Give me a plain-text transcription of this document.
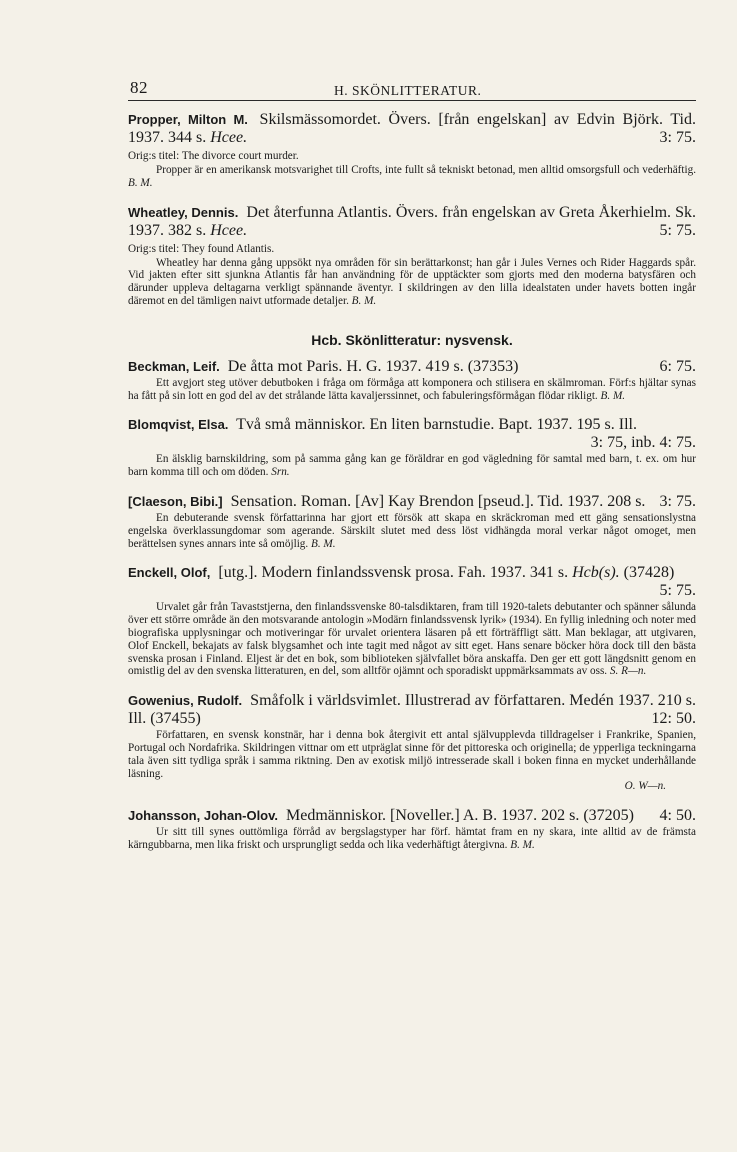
82	H. SKÖNLITTERATUR.
Propper, Milton M. Skilsmässomordet. Övers. [från engelskan] av Edvin Björk. Tid. 1937. 344 s. Hcee.	3: 75.
Orig:s titel: The divorce court murder.
Propper är en amerikansk motsvarighet till Crofts, inte fullt så tekniskt betonad, men alltid omsorgsfull och vederhäftig. B. M.
Wheatley, Dennis. Det återfunna Atlantis. Övers. från engelskan av Greta Åkerhielm. Sk. 1937. 382 s. Hcee.	5: 75.
Orig:s titel: They found Atlantis.
Wheatley har denna gång uppsökt nya områden för sin berättarkonst; han går i Jules Vernes och Rider Haggards spår. Vid jakten efter sitt sjunkna Atlantis får han användning för de upptäckter som gjorts med den moderna batysfären och därunder uppleva deltagarna verkligt spännande äventyr. I skildringen av den lilla idealstaten under havets botten ingår däremot en del tämligen naivt utformade detaljer. B. M.
Hcb. Skönlitteratur: nysvensk.
Beckman, Leif. De åtta mot Paris. H. G. 1937. 419 s. (37353)	6: 75.
Ett avgjort steg utöver debutboken i fråga om förmåga att komponera och stilisera en skälmroman. Förf:s hjältar synas ha fått på sin lott en god del av det strålande lätta kavaljerssinnet, och fabuleringsförmågan flödar rikligt. B. M.
Blomqvist, Elsa. Två små människor. En liten barnstudie. Bapt. 1937. 195 s. Ill.
3: 75, inb. 4: 75.
En älsklig barnskildring, som på samma gång kan ge föräldrar en god vägledning för samtal med barn, t. ex. om hur barn komma till och om döden. Srn.
[Claeson, Bibi.] Sensation. Roman. [Av] Kay Brendon [pseud.]. Tid. 1937. 208 s. 3: 75.
En debuterande svensk författarinna har gjort ett försök att skapa en skräckroman med ett gäng sensationslystna engelska överklassungdomar som agerande. Särskilt slutet med dess löst vidhängda moral verkar något omoget, men berättelsen synes annars inte så omöjlig. B. M.
Enckell, Olof, [utg.]. Modern finlandssvensk prosa. Fah. 1937. 341 s. Hcb(s). (37428)
5: 75.
Urvalet går från Tavaststjerna, den finlandssvenske 80-talsdiktaren, fram till 1920-talets debutanter och spänner sålunda över ett större område än den motsvarande antologin »Modärn finlandssvensk lyrik» (1934). En fyllig inledning och noter med biografiska upplysningar och motiveringar för urvalet orientera läsaren på ett förträffligt sätt. Man beklagar, att utgivaren, Olof Enckell, bekajats av falsk blygsamhet och inte tagit med något av sitt eget. Hans senare böcker höra dock till den bästa svenska prosan i Finland. Eljest är det en bok, som biblioteken självfallet böra anskaffa. Den ger ett gott längdsnitt genom en omistlig del av den svenska litteraturen, en del, som alltför ojämnt och sporadiskt uppmärksammats av oss. S. R—n.
Gowenius, Rudolf. Småfolk i världsvimlet. Illustrerad av författaren. Medén 1937. 210 s. Ill. (37455)	12: 50.
Författaren, en svensk konstnär, har i denna bok återgivit ett antal självupplevda tilldragelser i Frankrike, Spanien, Portugal och Nordafrika. Skildringen vittnar om ett utpräglat sinne för det pittoreska och originella; de ypperliga teckningarna tala även sitt tydliga språk i samma riktning. Den av exotisk miljö intresserade skall i boken finna en mycket underhållande läsning.
O. W—n.
Johansson, Johan-Olov. Medmänniskor. [Noveller.] A. B. 1937. 202 s. (37205) 4: 50.
Ur sitt till synes outtömliga förråd av bergslagstyper har förf. hämtat fram en ny skara, inte alltid av de främsta kärngubbarna, men lika friskt och ursprungligt sedda och lika vederhäftigt återgivna. B. M.
